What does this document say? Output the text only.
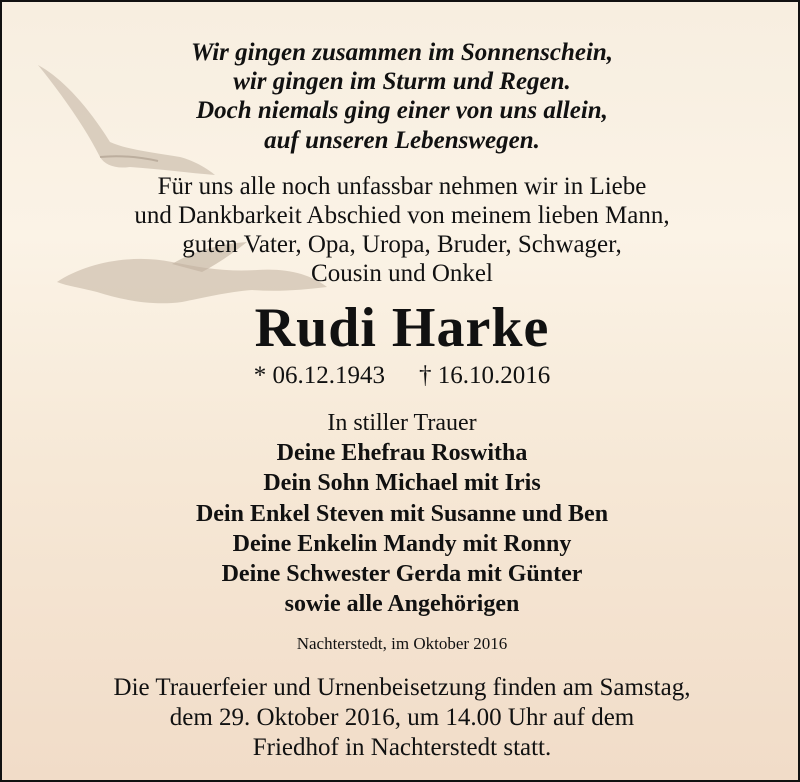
Wir gingen zusammen im Sonnenschein,
wir gingen im Sturm und Regen.
Doch niemals ging einer von uns allein,
auf unseren Lebenswegen.
Für uns alle noch unfassbar nehmen wir in Liebe
und Dankbarkeit Abschied von meinem lieben Mann,
guten Vater, Opa, Uropa, Bruder, Schwager,
Cousin und Onkel
Rudi Harke
* 06.12.1943 † 16.10.2016
In stiller Trauer
Deine Ehefrau Roswitha
Dein Sohn Michael mit Iris
Dein Enkel Steven mit Susanne und Ben
Deine Enkelin Mandy mit Ronny
Deine Schwester Gerda mit Günter
sowie alle Angehörigen
Nachterstedt, im Oktober 2016
Die Trauerfeier und Urnenbeisetzung finden am Samstag,
dem 29. Oktober 2016, um 14.00 Uhr auf dem
Friedhof in Nachterstedt statt.
